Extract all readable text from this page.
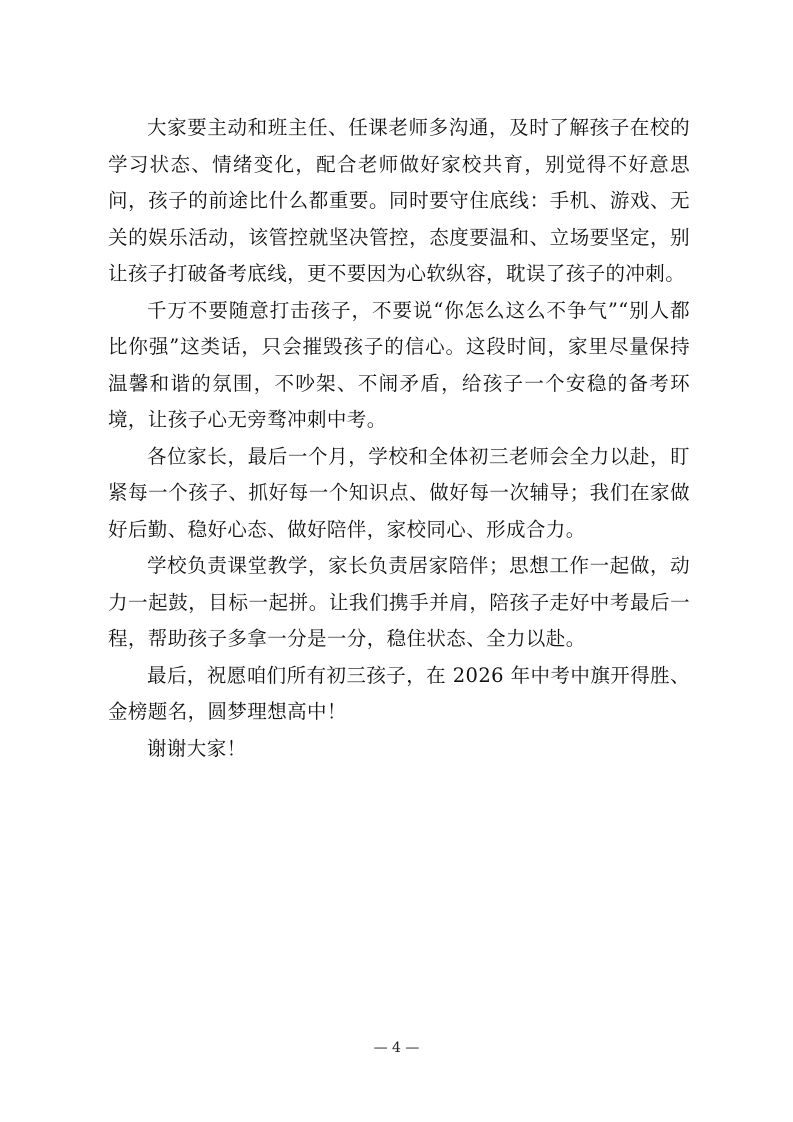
大家要主动和班主任、任课老师多沟通，及时了解孩子在校的学习状态、情绪变化，配合老师做好家校共育，别觉得不好意思问，孩子的前途比什么都重要。同时要守住底线：手机、游戏、无关的娱乐活动，该管控就坚决管控，态度要温和、立场要坚定，别让孩子打破备考底线，更不要因为心软纵容，耽误了孩子的冲刺。

千万不要随意打击孩子，不要说“你怎么这么不争气”“别人都比你强”这类话，只会摧毁孩子的信心。这段时间，家里尽量保持温馨和谐的氛围，不吵架、不闹矛盾，给孩子一个安稳的备考环境，让孩子心无旁骛冲刺中考。

各位家长，最后一个月，学校和全体初三老师会全力以赴，盯紧每一个孩子、抓好每一个知识点、做好每一次辅导；我们在家做好后勤、稳好心态、做好陪伴，家校同心、形成合力。

学校负责课堂教学，家长负责居家陪伴；思想工作一起做，动力一起鼓，目标一起拼。让我们携手并肩，陪孩子走好中考最后一程，帮助孩子多拿一分是一分，稳住状态、全力以赴。

最后，祝愿咱们所有初三孩子，在 2026 年中考中旗开得胜、金榜题名，圆梦理想高中！

谢谢大家！

— 4 —
